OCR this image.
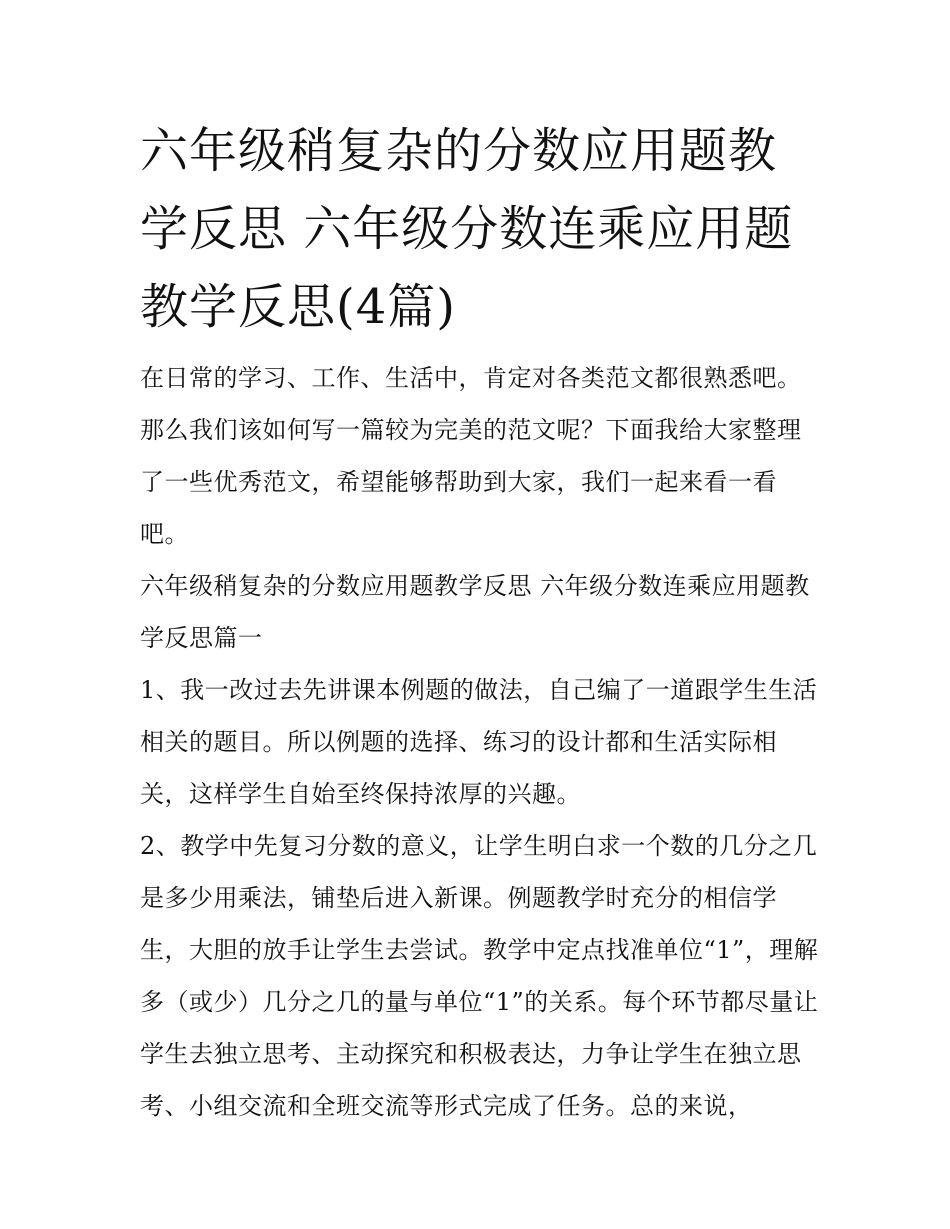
六年级稍复杂的分数应用题教学反思 六年级分数连乘应用题教学反思(4篇)

在日常的学习、工作、生活中，肯定对各类范文都很熟悉吧。那么我们该如何写一篇较为完美的范文呢？下面我给大家整理了一些优秀范文，希望能够帮助到大家，我们一起来看一看吧。

六年级稍复杂的分数应用题教学反思 六年级分数连乘应用题教学反思篇一

1、我一改过去先讲课本例题的做法，自己编了一道跟学生生活相关的题目。所以例题的选择、练习的设计都和生活实际相关，这样学生自始至终保持浓厚的兴趣。

2、教学中先复习分数的意义，让学生明白求一个数的几分之几是多少用乘法，铺垫后进入新课。例题教学时充分的相信学生，大胆的放手让学生去尝试。教学中定点找准单位“1”，理解多（或少）几分之几的量与单位“1”的关系。每个环节都尽量让学生去独立思考、主动探究和积极表达，力争让学生在独立思考、小组交流和全班交流等形式完成了任务。总的来说，
